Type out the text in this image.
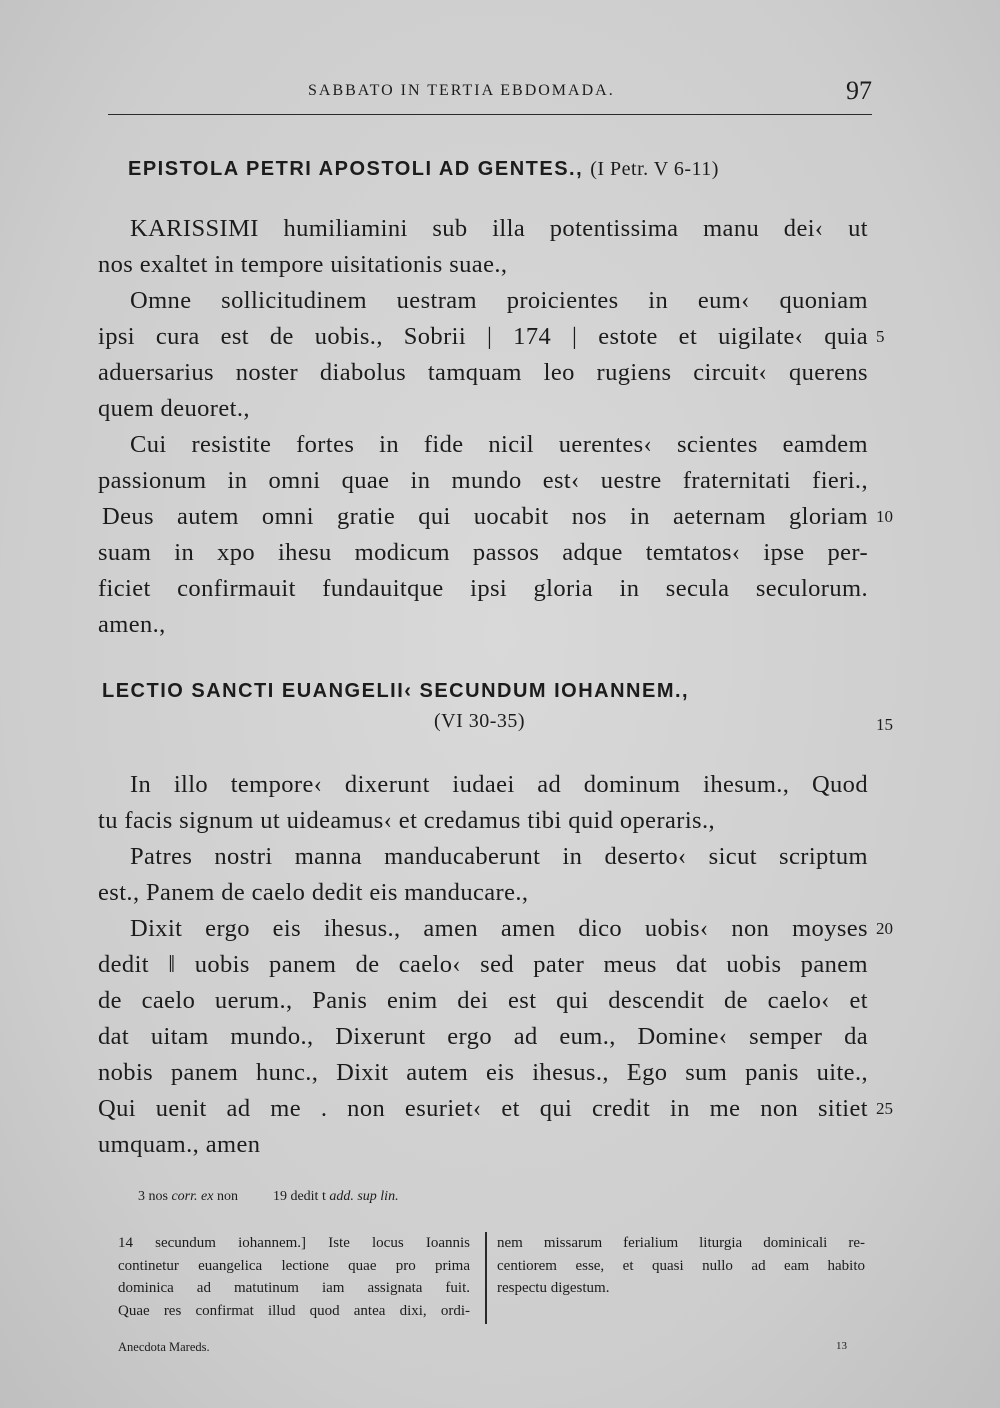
SABBATO IN TERTIA EBDOMADA.	97
EPISTOLA PETRI APOSTOLI AD GENTES., (I Petr. V 6-11)
KARISSIMI humiliamini sub illa potentissima manu dei‹ ut
nos exaltet in tempore uisitationis suae.,
Omne sollicitudinem uestram proicientes in eum‹ quoniam
ipsi cura est de uobis., Sobrii | 174 | estote et uigilate‹ quia
aduersarius noster diabolus tamquam leo rugiens circuit‹ querens
quem deuoret.,
Cui resistite fortes in fide nicil uerentes‹ scientes eamdem
passionum in omni quae in mundo est‹ uestre fraternitati fieri.,
Deus autem omni gratie qui uocabit nos in aeternam gloriam
suam in xpo ihesu modicum passos adque temtatos‹ ipse per-
ficiet confirmauit fundauitque ipsi gloria in secula seculorum.
amen.,
LECTIO SANCTI EUANGELII‹ SECUNDUM IOHANNEM.,
(VI 30-35)
In illo tempore‹ dixerunt iudaei ad dominum ihesum., Quod
tu facis signum ut uideamus‹ et credamus tibi quid operaris.,
Patres nostri manna manducaberunt in deserto‹ sicut scriptum
est., Panem de caelo dedit eis manducare.,
Dixit ergo eis ihesus., amen amen dico uobis‹ non moyses
dedit ‖ uobis panem de caelo‹ sed pater meus dat uobis panem
de caelo uerum., Panis enim dei est qui descendit de caelo‹ et
dat uitam mundo., Dixerunt ergo ad eum., Domine‹ semper da
nobis panem hunc., Dixit autem eis ihesus., Ego sum panis uite.,
Qui uenit ad me . non esuriet‹ et qui credit in me non sitiet
umquam., amen
5
10
15
20
25
3 nos corr. ex non	19 dedit t add. sup lin.
14 secundum iohannem.] Iste locus Ioannis
continetur euangelica lectione quae pro prima
dominica ad matutinum iam assignata fuit.
Quae res confirmat illud quod antea dixi, ordi-
nem missarum ferialium liturgia dominicali re-
centiorem esse, et quasi nullo ad eam habito
respectu digestum.
Anecdota Mareds.	13
